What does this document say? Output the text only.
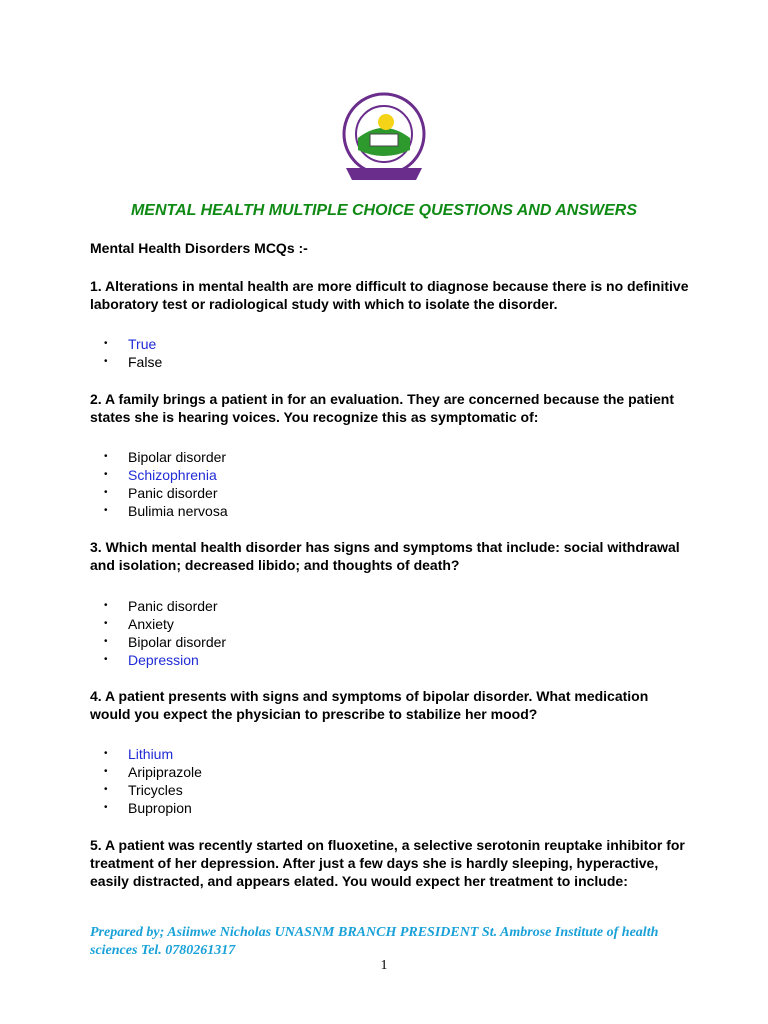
MENTAL HEALTH MULTIPLE CHOICE QUESTIONS AND ANSWERS
Mental Health Disorders MCQs :-
1. Alterations in mental health are more difficult to diagnose because there is no definitive laboratory test or radiological study with which to isolate the disorder.
• True
• False
2. A family brings a patient in for an evaluation. They are concerned because the patient states she is hearing voices. You recognize this as symptomatic of:
• Bipolar disorder
• Schizophrenia
• Panic disorder
• Bulimia nervosa
3. Which mental health disorder has signs and symptoms that include: social withdrawal and isolation; decreased libido; and thoughts of death?
• Panic disorder
• Anxiety
• Bipolar disorder
• Depression
4. A patient presents with signs and symptoms of bipolar disorder. What medication would you expect the physician to prescribe to stabilize her mood?
• Lithium
• Aripiprazole
• Tricycles
• Bupropion
5. A patient was recently started on fluoxetine, a selective serotonin reuptake inhibitor for treatment of her depression. After just a few days she is hardly sleeping, hyperactive, easily distracted, and appears elated. You would expect her treatment to include:
Prepared by; Asiimwe Nicholas UNASNM BRANCH PRESIDENT St. Ambrose Institute of health sciences Tel. 0780261317
1
